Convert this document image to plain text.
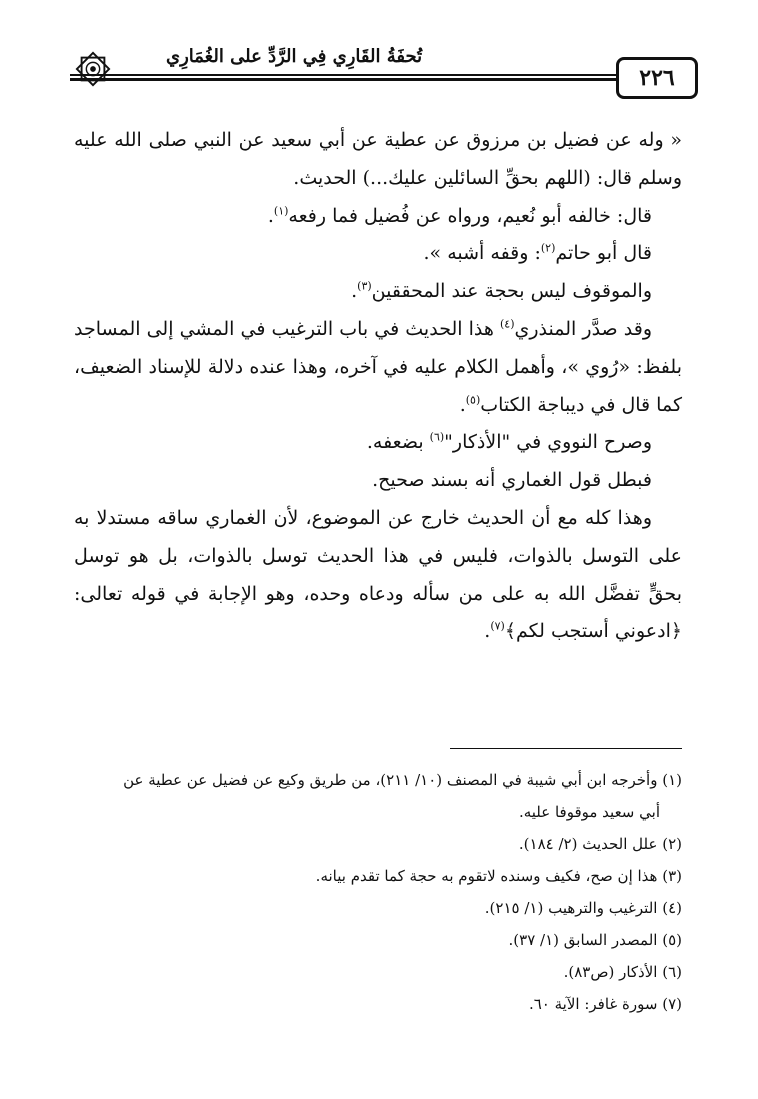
تُحفَةُ القَارِي فِي الرَّدِّ على الغُمَارِي
٢٢٦

« وله عن فضيل بن مرزوق عن عطية عن أبي سعيد عن النبي صلى الله عليه وسلم قال: (اللهم بحقِّ السائلين عليك...) الحديث.

قال: خالفه أبو نُعيم، ورواه عن فُضيل فما رفعه$^{(١)}$.

قال أبو حاتم$^{(٢)}$: وقفه أشبه ».

والموقوف ليس بحجة عند المحققين$^{(٣)}$.

وقد صدَّر المنذري$^{(٤)}$ هذا الحديث في باب الترغيب في المشي إلى المساجد بلفظ: «رُوي »، وأهمل الكلام عليه في آخره، وهذا عنده دلالة للإسناد الضعيف، كما قال في ديباجة الكتاب$^{(٥)}$.

وصرح النووي في "الأذكار"$^{(٦)}$ بضعفه.

فبطل قول الغماري أنه بسند صحيح.

وهذا كله مع أن الحديث خارج عن الموضوع، لأن الغماري ساقه مستدلا به على التوسل بالذوات، فليس في هذا الحديث توسل بالذوات، بل هو توسل بحقٍّ تفضَّل الله به على من سأله ودعاه وحده، وهو الإجابة في قوله تعالى: ﴿ادعوني أستجب لكم﴾$^{(٧)}$.

(١) وأخرجه ابن أبي شيبة في المصنف (١٠/ ٢١١)، من طريق وكيع عن فضيل عن عطية عن

أبي سعيد موقوفا عليه.

(٢) علل الحديث (٢/ ١٨٤).

(٣) هذا إن صح، فكيف وسنده لاتقوم به حجة كما تقدم بيانه.

(٤) الترغيب والترهيب (١/ ٢١٥).

(٥) المصدر السابق (١/ ٣٧).

(٦) الأذكار (ص٨٣).

(٧) سورة غافر: الآية ٦٠.
